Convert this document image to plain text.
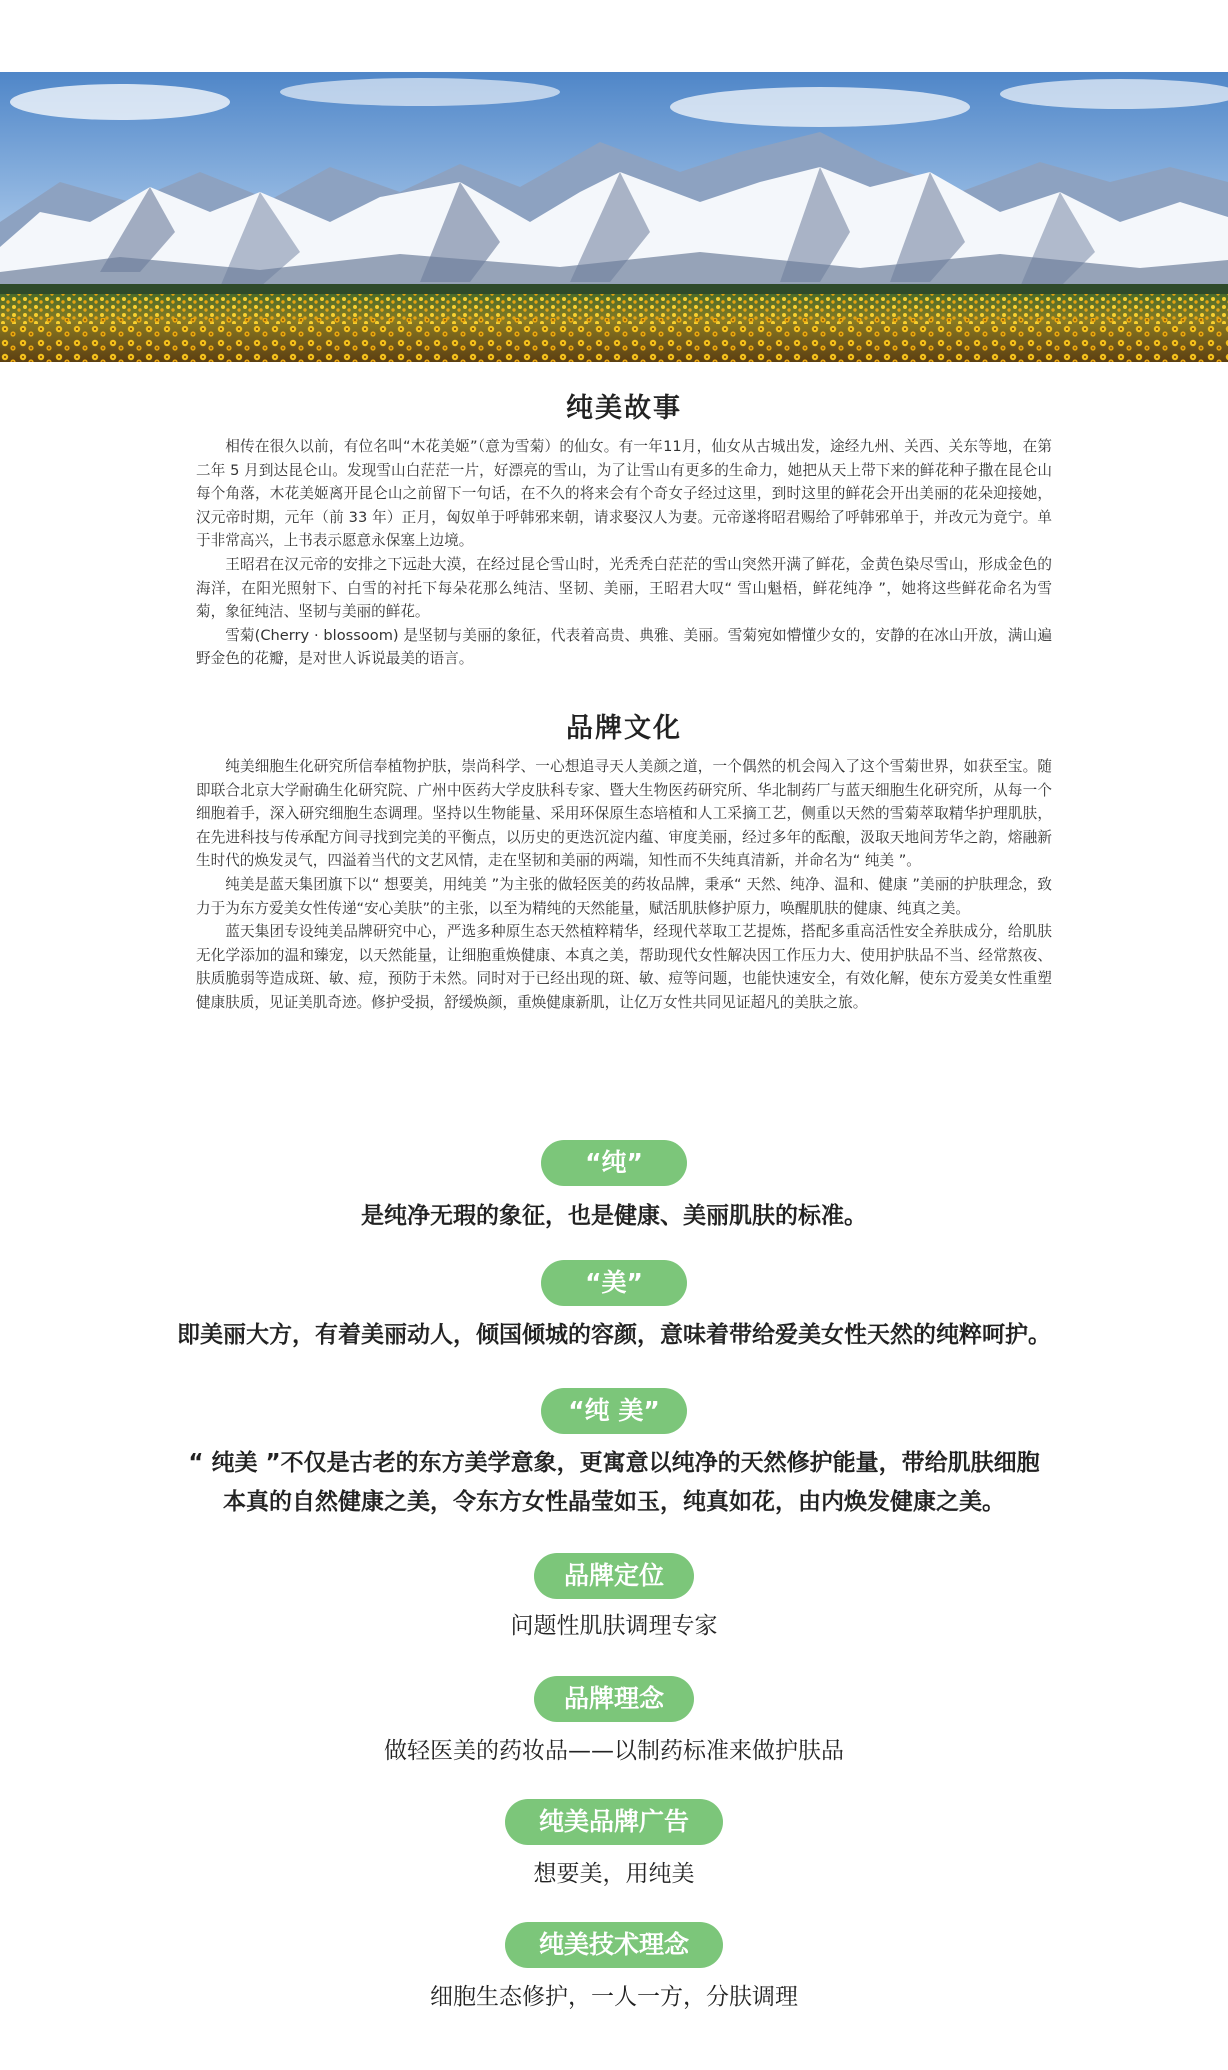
纯美故事

相传在很久以前，有位名叫“木花美姬”（意为雪菊）的仙女。有一年11月，仙女从古城出发，途经九州、关西、关东等地，在第二年 5 月到达昆仑山。发现雪山白茫茫一片，好漂亮的雪山，为了让雪山有更多的生命力，她把从天上带下来的鲜花种子撒在昆仑山每个角落，木花美姬离开昆仑山之前留下一句话，在不久的将来会有个奇女子经过这里，到时这里的鲜花会开出美丽的花朵迎接她，汉元帝时期，元年（前 33 年）正月，匈奴单于呼韩邪来朝，请求娶汉人为妻。元帝遂将昭君赐给了呼韩邪单于，并改元为竟宁。单于非常高兴，上书表示愿意永保塞上边境。

王昭君在汉元帝的安排之下远赴大漠，在经过昆仑雪山时，光秃秃白茫茫的雪山突然开满了鲜花，金黄色染尽雪山，形成金色的海洋，在阳光照射下、白雪的衬托下每朵花那么纯洁、坚韧、美丽，王昭君大叹“ 雪山魁梧，鲜花纯净 ”，她将这些鲜花命名为雪菊，象征纯洁、坚韧与美丽的鲜花。

雪菊(Cherry · blossoom) 是坚韧与美丽的象征，代表着高贵、典雅、美丽。雪菊宛如懵懂少女的，安静的在冰山开放，满山遍野金色的花瓣，是对世人诉说最美的语言。

品牌文化

纯美细胞生化研究所信奉植物护肤，崇尚科学、一心想追寻天人美颜之道，一个偶然的机会闯入了这个雪菊世界，如获至宝。随即联合北京大学耐确生化研究院、广州中医药大学皮肤科专家、暨大生物医药研究所、华北制药厂与蓝天细胞生化研究所，从每一个细胞着手，深入研究细胞生态调理。坚持以生物能量、采用环保原生态培植和人工采摘工艺，侧重以天然的雪菊萃取精华护理肌肤，在先进科技与传承配方间寻找到完美的平衡点，以历史的更迭沉淀内蕴、审度美丽，经过多年的酝酿，汲取天地间芳华之韵，熔融新生时代的焕发灵气，四溢着当代的文艺风情，走在坚韧和美丽的两端，知性而不失纯真清新，并命名为“ 纯美 ”。

纯美是蓝天集团旗下以“ 想要美，用纯美 ”为主张的做轻医美的药妆品牌，秉承“ 天然、纯净、温和、健康 ”美丽的护肤理念，致力于为东方爱美女性传递“安心美肤”的主张，以至为精纯的天然能量，赋活肌肤修护原力，唤醒肌肤的健康、纯真之美。

蓝天集团专设纯美品牌研究中心，严选多种原生态天然植粹精华，经现代萃取工艺提炼，搭配多重高活性安全养肤成分，给肌肤无化学添加的温和臻宠，以天然能量，让细胞重焕健康、本真之美，帮助现代女性解决因工作压力大、使用护肤品不当、经常熬夜、肤质脆弱等造成斑、敏、痘，预防于未然。同时对于已经出现的斑、敏、痘等问题，也能快速安全，有效化解，使东方爱美女性重塑健康肤质，见证美肌奇迹。修护受损，舒缓焕颜，重焕健康新肌，让亿万女性共同见证超凡的美肤之旅。

“纯”
是纯净无瑕的象征，也是健康、美丽肌肤的标准。
“美”
即美丽大方，有着美丽动人，倾国倾城的容颜，意味着带给爱美女性天然的纯粹呵护。
“纯 美”
“ 纯美 ”不仅是古老的东方美学意象，更寓意以纯净的天然修护能量，带给肌肤细胞
本真的自然健康之美，令东方女性晶莹如玉，纯真如花，由内焕发健康之美。
品牌定位
问题性肌肤调理专家
品牌理念
做轻医美的药妆品——以制药标准来做护肤品
纯美品牌广告
想要美，用纯美
纯美技术理念
细胞生态修护，一人一方，分肤调理
